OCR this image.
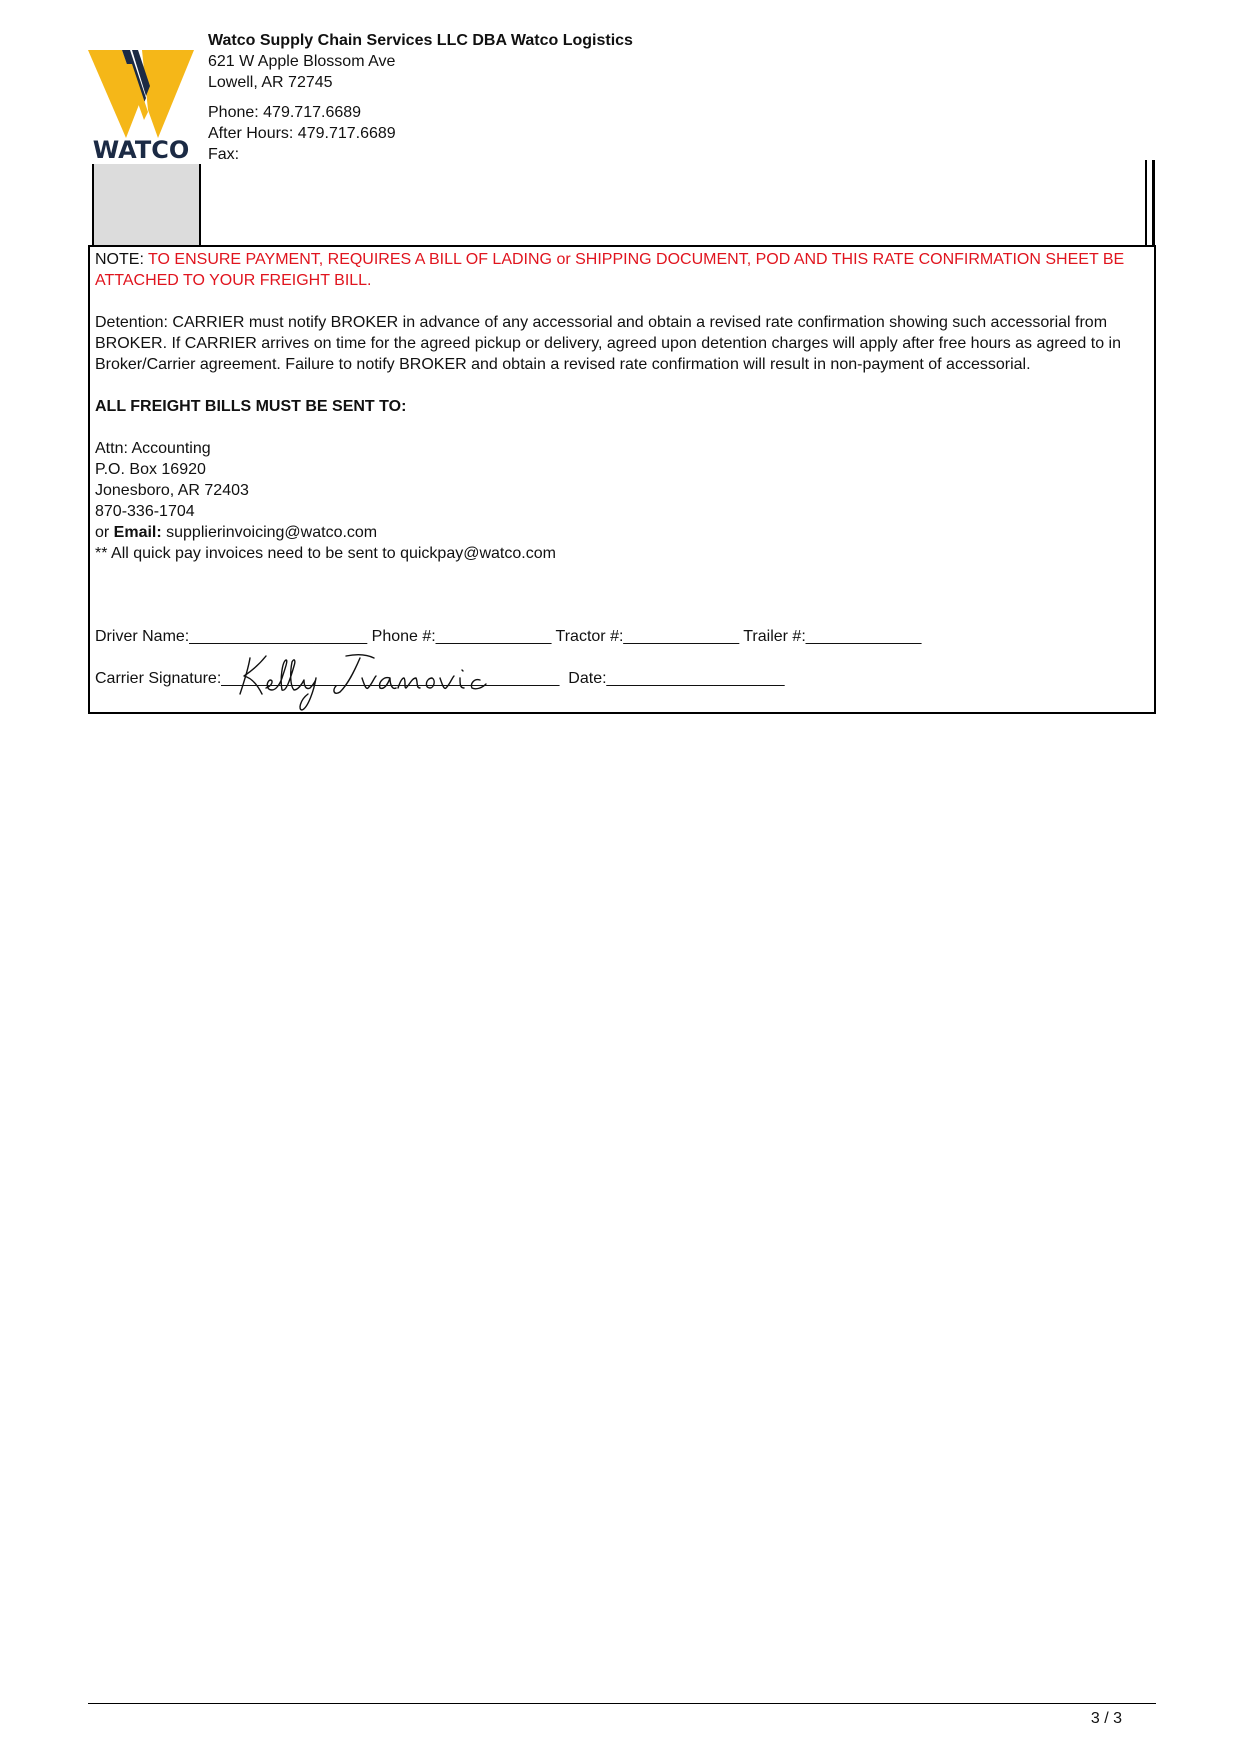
WATCO
Watco Supply Chain Services LLC DBA Watco Logistics
621 W Apple Blossom Ave
Lowell, AR 72745
Phone: 479.717.6689
After Hours: 479.717.6689
Fax:

NOTE: TO ENSURE PAYMENT, REQUIRES A BILL OF LADING or SHIPPING DOCUMENT, POD AND THIS RATE CONFIRMATION SHEET BE ATTACHED TO YOUR FREIGHT BILL.

Detention: CARRIER must notify BROKER in advance of any accessorial and obtain a revised rate confirmation showing such accessorial from BROKER. If CARRIER arrives on time for the agreed pickup or delivery, agreed upon detention charges will apply after free hours as agreed to in Broker/Carrier agreement. Failure to notify BROKER and obtain a revised rate confirmation will result in non-payment of accessorial.

ALL FREIGHT BILLS MUST BE SENT TO:

Attn: Accounting

P.O. Box 16920

Jonesboro, AR 72403

870-336-1704

or Email: supplierinvoicing@watco.com

** All quick pay invoices need to be sent to quickpay@watco.com

Driver Name:____________________ Phone #:_____________ Tractor #:_____________ Trailer #:_____________
Carrier Signature:______________________________________  Date:____________________
3 / 3
